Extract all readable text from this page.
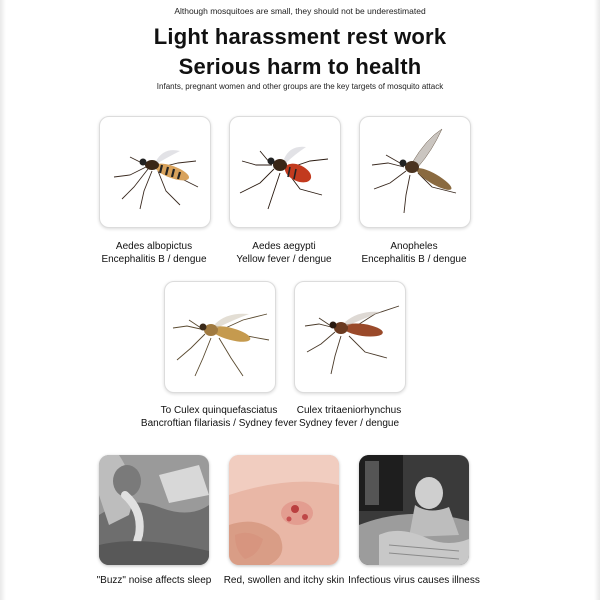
Although mosquitoes are small, they should not be underestimated
Light harassment rest work
Serious harm to health
Infants, pregnant women and other groups are the key targets of mosquito attack
Aedes albopictus
Encephalitis B / dengue
Aedes aegypti
Yellow fever / dengue
Anopheles
Encephalitis B / dengue
To Culex quinquefasciatus
Bancroftian filariasis / Sydney fever
Culex tritaeniorhynchus
Sydney fever / dengue
"Buzz" noise affects sleep	Red, swollen and itchy skin Infectious virus causes illness
